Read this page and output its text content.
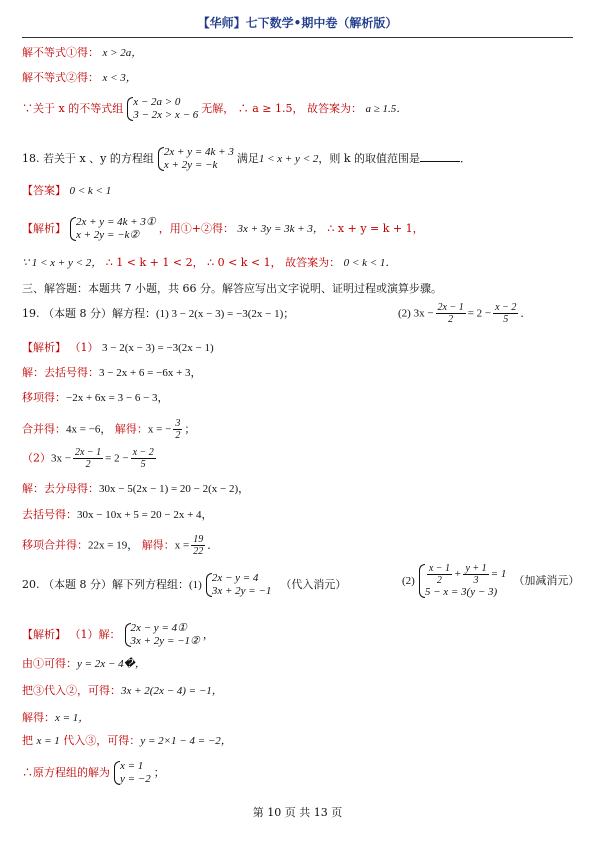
【华师】七下数学•期中卷（解析版）
解不等式①得： x > 2a，
解不等式②得： x < 3，
∵关于 x 的不等式组 x − 2a > 0
3 − 2x > x − 6 无解， ∴ a ≥ 1.5， 故答案为： a ≥ 1.5．
18. 若关于 x 、y 的方程组 2x + y = 4k + 3
x + 2y = −k	满足1 < x + y < 2，则 k 的取值范围是	．
【答案】 0 < k < 1
【解析】 2x + y = 4k + 3①
x + 2y = −k②	，用①+②得： 3x + 3y = 3k + 3， ∴ x + y = k + 1，
∵ 1 < x + y < 2， ∴ 1 < k + 1 < 2， ∴ 0 < k < 1， 故答案为： 0 < k < 1．
三、解答题：本题共 7 小题，共 66 分。解答应写出文字说明、证明过程或演算步骤。
19. （本题 8 分）解方程：(1) 3 − 2(x − 3) = −3(2x − 1)；	(2) $3x - \frac{2x - 1}{2} = 2 - \frac{x - 2}{5}$ ．
【解析】 （1） 3 − 2(x − 3) = −3(2x − 1)
解：去括号得：3 − 2x + 6 = −6x + 3，
移项得：−2x + 6x = 3 − 6 − 3，
合并得：4x = −6， 解得：x = − $\frac{3}{2}$ ；
$(2)3x - \frac{2x - 1}{2} = 2 - \frac{x - 2}{5}$
解：去分母得：30x − 5(2x − 1) = 20 − 2(x − 2)，
去括号得：30x − 10x + 5 = 20 − 2x + 4，
移项合并得：22x = 19， 解得：$x = \frac{19}{22}$ ．
20. （本题 8 分）解下列方程组：(1)
2x − y = 4
3x + 2y = −1 （代入消元）	$(2) \frac{x - 1}{2} + \frac{y + 1}{3} = 1$
5 − x = 3(y − 3)
（加减消元）
【解析】 （1）解： 2x − y = 4①
3x + 2y = −1② ，
由①可得：y = 2x − 4�，
把③代入②，可得：3x + 2(2x − 4) = −1，
解得：x = 1，
把 x = 1 代入③，可得：y = 2×1 − 4 = −2，
∴原方程组的解为 x = 1
y = −2 ；
第 10 页 共 13 页
